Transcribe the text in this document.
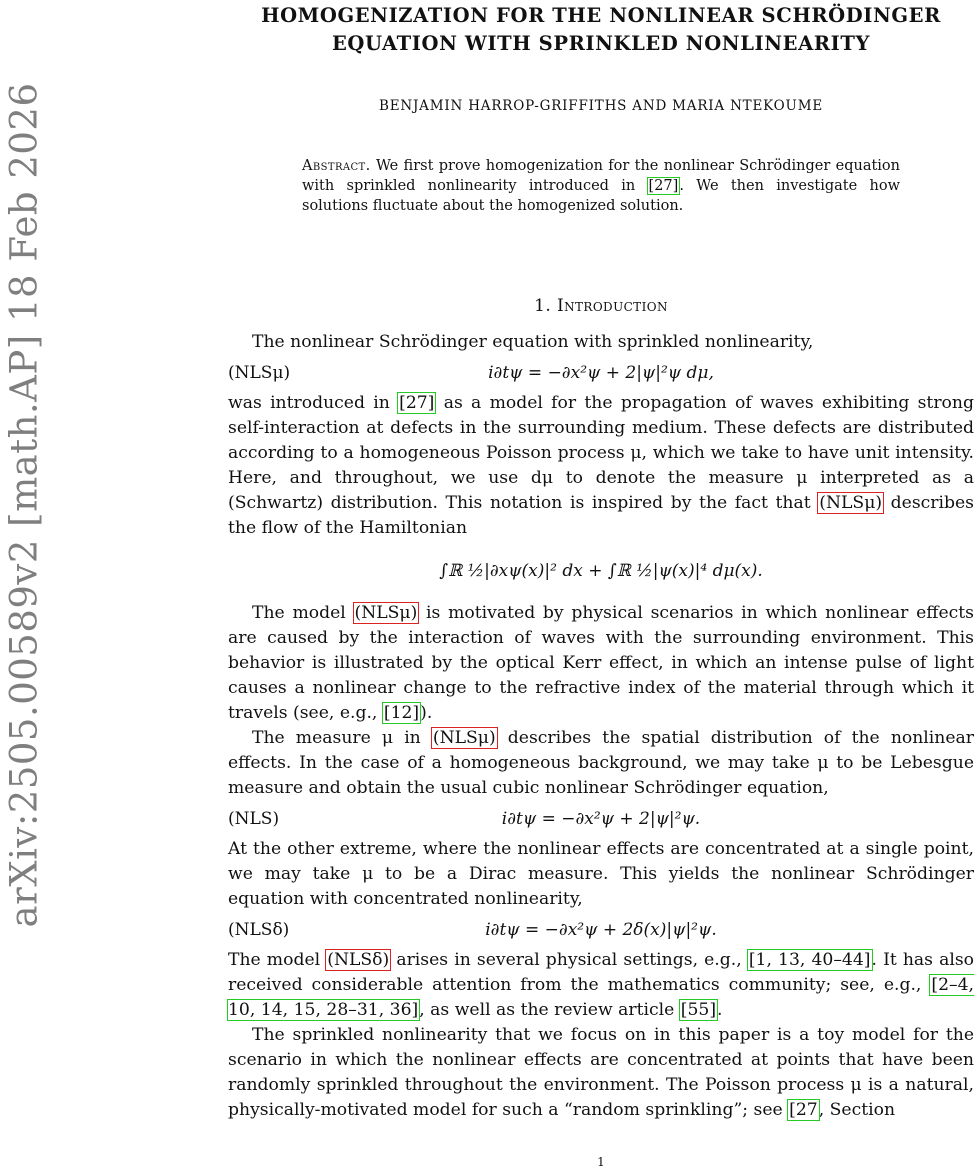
arXiv:2505.00589v2 [math.AP] 18 Feb 2026
HOMOGENIZATION FOR THE NONLINEAR SCHRÖDINGER
EQUATION WITH SPRINKLED NONLINEARITY
BENJAMIN HARROP-GRIFFITHS AND MARIA NTEKOUME
Abstract. We first prove homogenization for the nonlinear Schrödinger equation with sprinkled nonlinearity introduced in [27]. We then investigate how solutions fluctuate about the homogenized solution.
1. Introduction

The nonlinear Schrödinger equation with sprinkled nonlinearity,

(NLSμ)	i∂tψ = −∂x²ψ + 2|ψ|²ψ dμ,

was introduced in [27] as a model for the propagation of waves exhibiting strong self-interaction at defects in the surrounding medium. These defects are distributed according to a homogeneous Poisson process μ, which we take to have unit intensity. Here, and throughout, we use dμ to denote the measure μ interpreted as a (Schwartz) distribution. This notation is inspired by the fact that (NLSμ) describes the flow of the Hamiltonian

∫ℝ ½|∂xψ(x)|² dx + ∫ℝ ½|ψ(x)|⁴ dμ(x).

The model (NLSμ) is motivated by physical scenarios in which nonlinear effects are caused by the interaction of waves with the surrounding environment. This behavior is illustrated by the optical Kerr effect, in which an intense pulse of light causes a nonlinear change to the refractive index of the material through which it travels (see, e.g., [12]).

The measure μ in (NLSμ) describes the spatial distribution of the nonlinear effects. In the case of a homogeneous background, we may take μ to be Lebesgue measure and obtain the usual cubic nonlinear Schrödinger equation,

(NLS)	i∂tψ = −∂x²ψ + 2|ψ|²ψ.

At the other extreme, where the nonlinear effects are concentrated at a single point, we may take μ to be a Dirac measure. This yields the nonlinear Schrödinger equation with concentrated nonlinearity,

(NLSδ)	i∂tψ = −∂x²ψ + 2δ(x)|ψ|²ψ.

The model (NLSδ) arises in several physical settings, e.g., [1, 13, 40–44]. It has also received considerable attention from the mathematics community; see, e.g., [2–4, 10, 14, 15, 28–31, 36], as well as the review article [55].

The sprinkled nonlinearity that we focus on in this paper is a toy model for the scenario in which the nonlinear effects are concentrated at points that have been randomly sprinkled throughout the environment. The Poisson process μ is a natural, physically-motivated model for such a “random sprinkling”; see [27, Section

1
